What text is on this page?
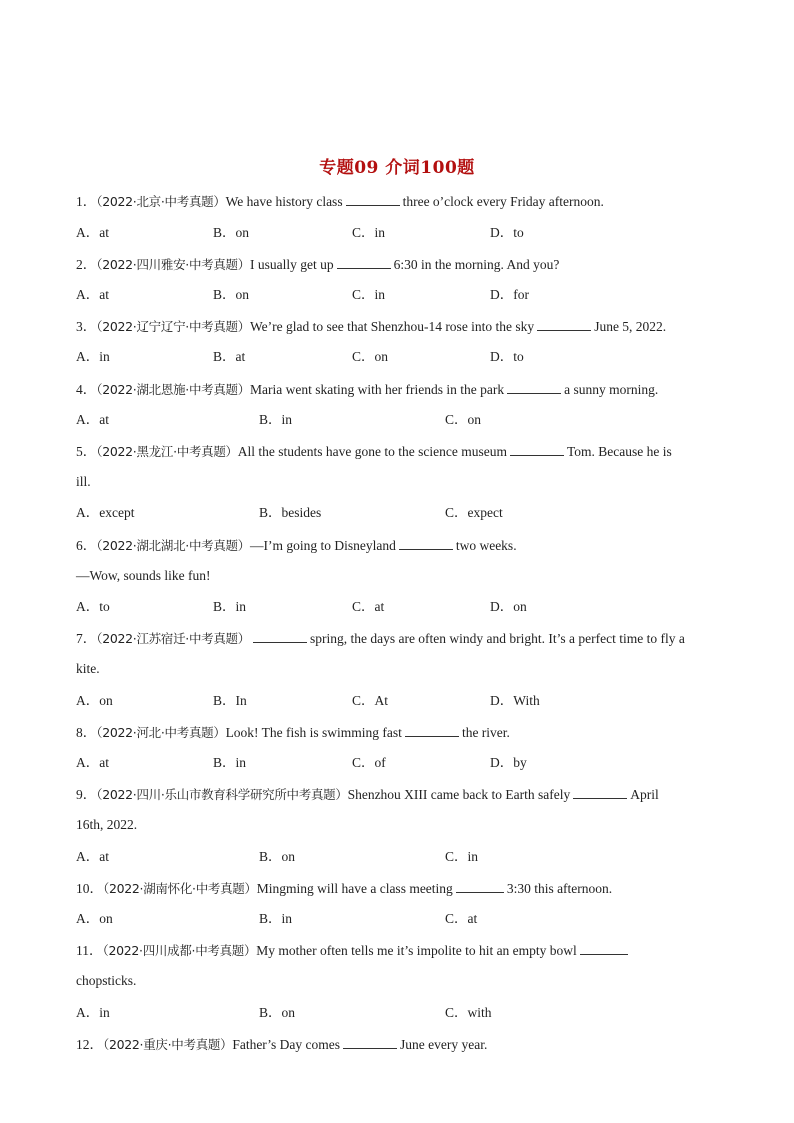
专题09 介词100题
1．（2022·北京·中考真题）We have history class	three o’clock every Friday afternoon.
A．at	B．on	C．in	D．to
2．（2022·四川雅安·中考真题）I usually get up	6:30 in the morning. And you?
A．at	B．on	C．in	D．for
3．（2022·辽宁辽宁·中考真题）We’re glad to see that Shenzhou-14 rose into the sky	June 5, 2022.
A．in	B．at	C．on	D．to
4．（2022·湖北恩施·中考真题）Maria went skating with her friends in the park	a sunny morning.
A．at	B．in	C．on
5．（2022·黑龙江·中考真题）All the students have gone to the science museum	Tom. Because he is
ill.
A．except	B．besides	C．expect
6．（2022·湖北湖北·中考真题）—I’m going to Disneyland	two weeks.
—Wow, sounds like fun!
A．to	B．in	C．at	D．on
7．（2022·江苏宿迁·中考真题）	spring, the days are often windy and bright. It’s a perfect time to fly a
kite.
A．on	B．In	C．At	D．With
8．（2022·河北·中考真题）Look! The fish is swimming fast	the river.
A．at	B．in	C．of	D．by
9．（2022·四川·乐山市教育科学研究所中考真题）Shenzhou XIII came back to Earth safely	April
16th, 2022.
A．at	B．on	C．in
10．（2022·湖南怀化·中考真题）Mingming will have a class meeting	3:30 this afternoon.
A．on	B．in	C．at
11．（2022·四川成都·中考真题）My mother often tells me it’s impolite to hit an empty bowl
chopsticks.
A．in	B．on	C．with
12．（2022·重庆·中考真题）Father’s Day comes	June every year.
